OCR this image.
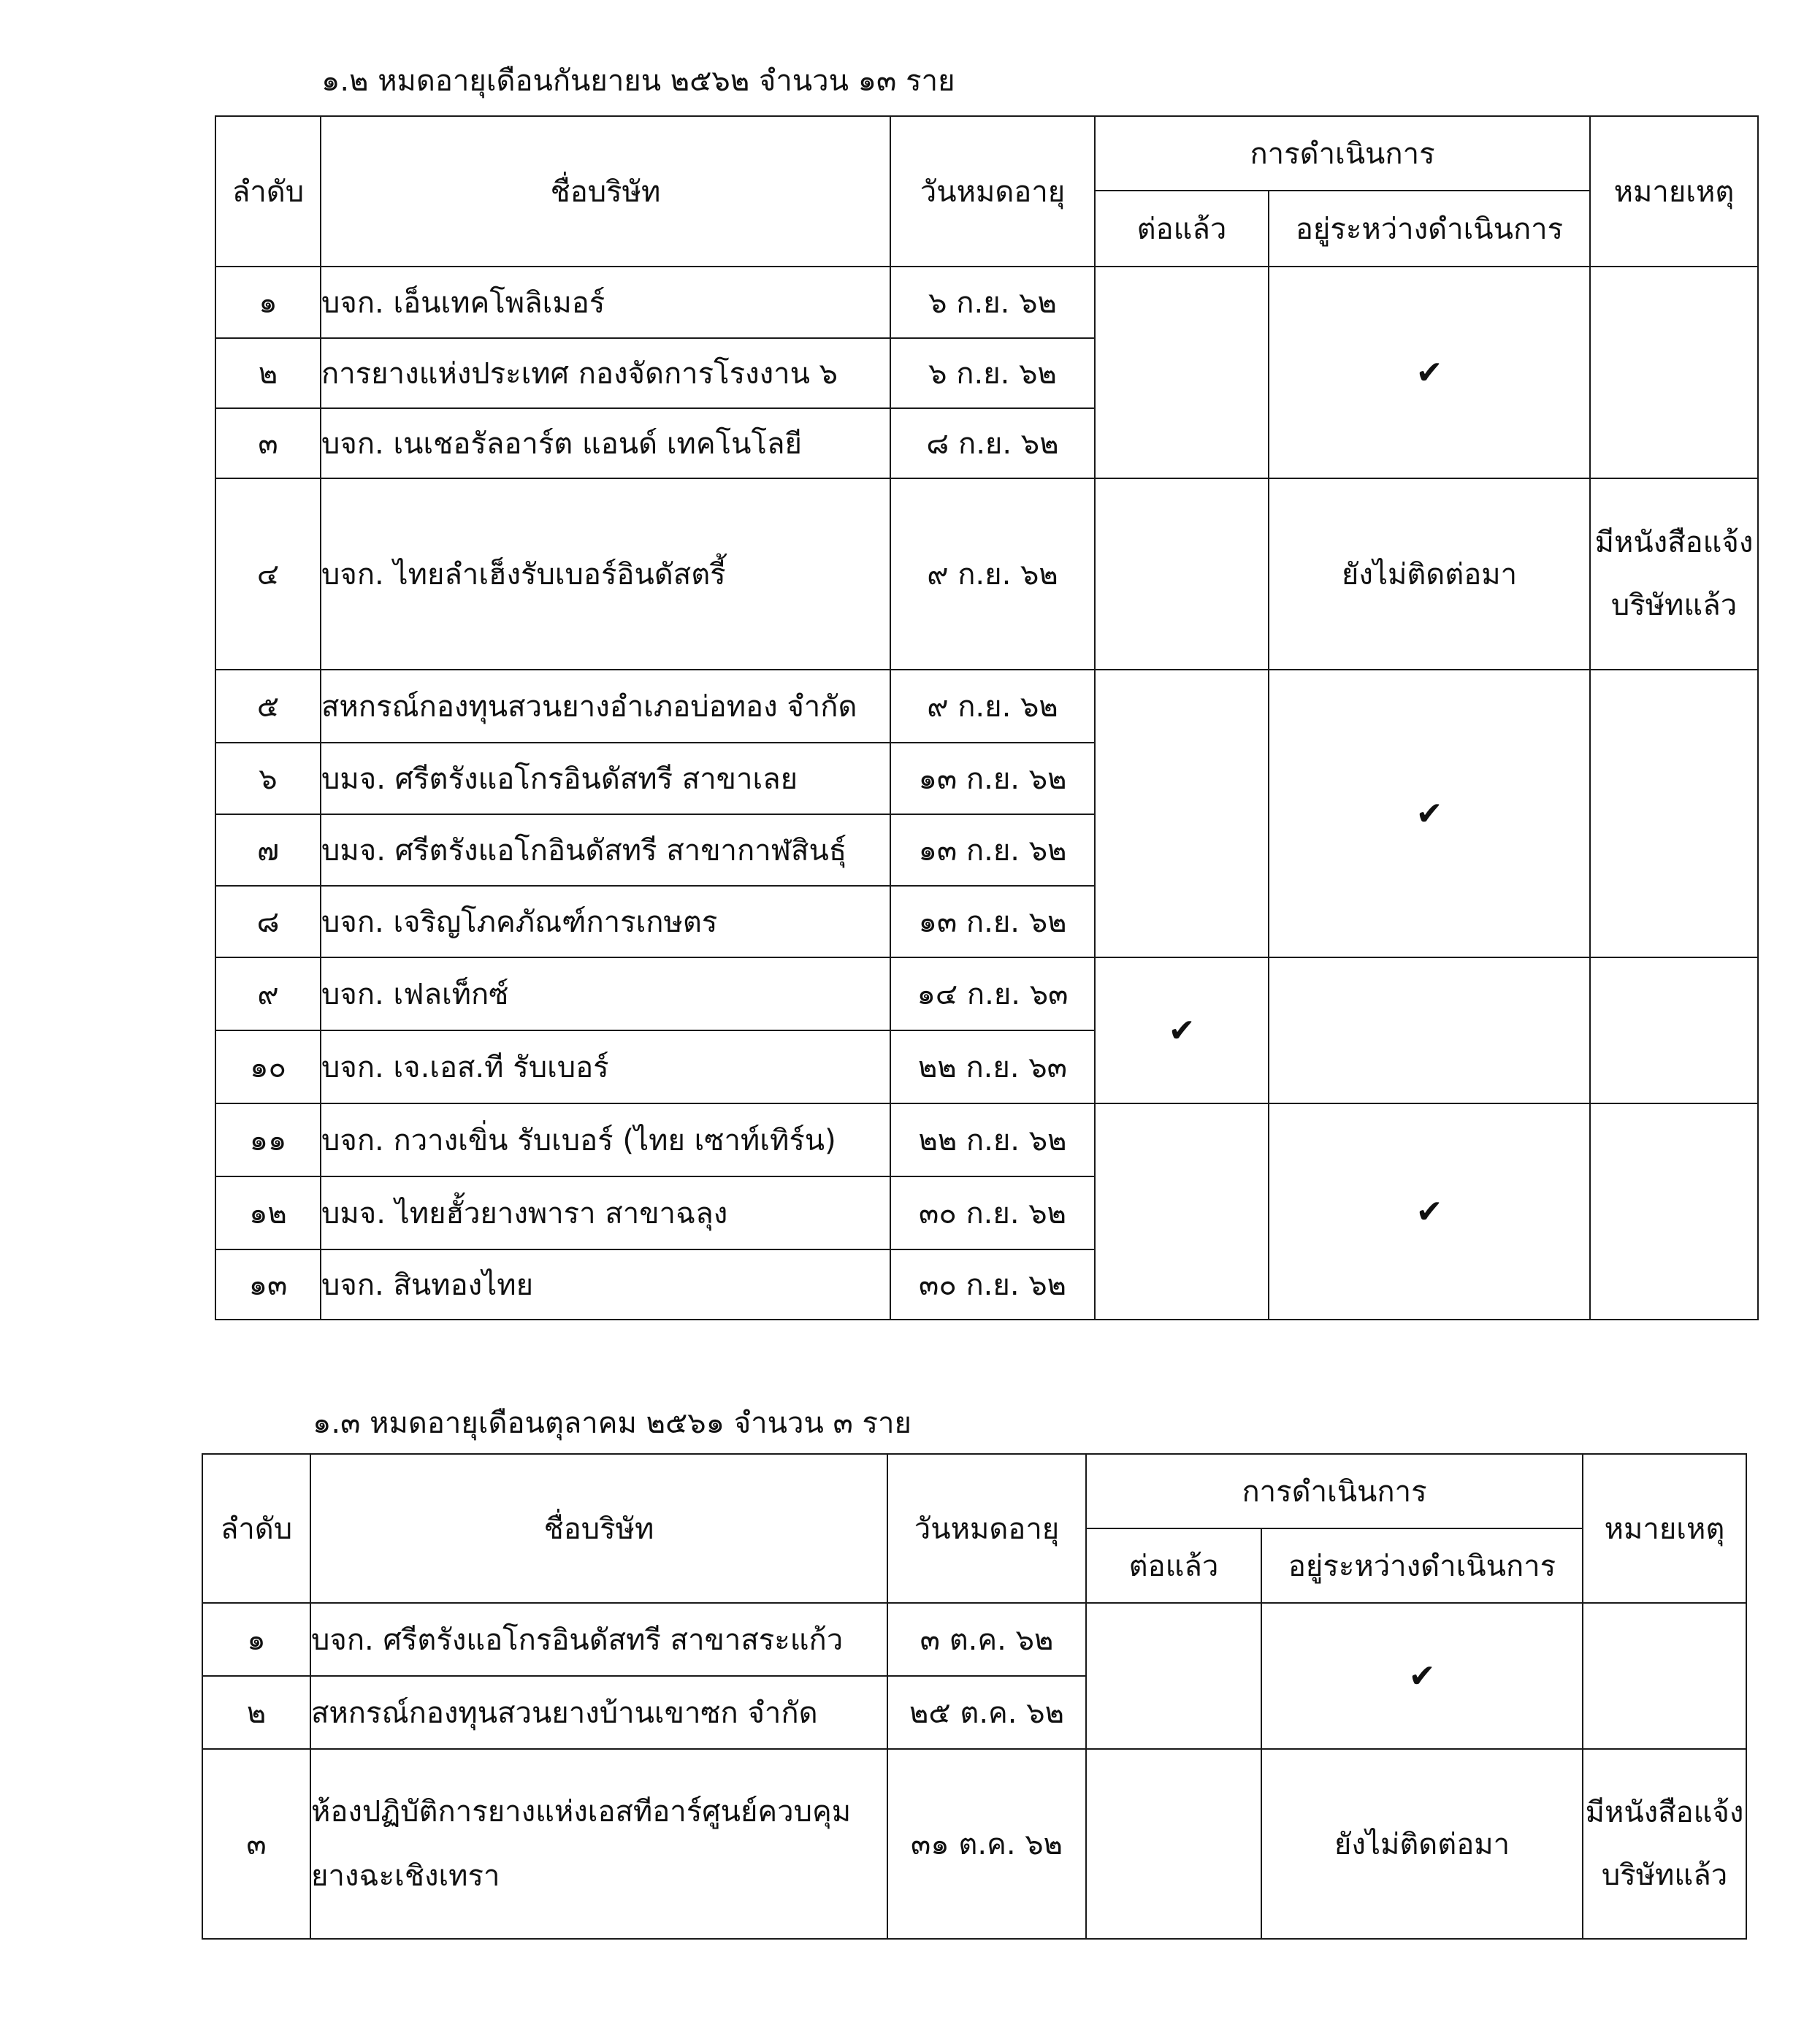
๑.๒ หมดอายุเดือนกันยายน ๒๕๖๒ จำนวน ๑๓ ราย
ลำดับ	ชื่อบริษัท	วันหมดอายุ	การดำเนินการ		หมายเหตุ
			ต่อแล้ว	อยู่ระหว่างดำเนินการ	
๑	บจก. เอ็นเทคโพลิเมอร์	๖ ก.ย. ๖๒		✔	
๒	การยางแห่งประเทศ กองจัดการโรงงาน ๖	๖ ก.ย. ๖๒			
๓	บจก. เนเชอรัลอาร์ต แอนด์ เทคโนโลยี	๘ ก.ย. ๖๒			
๔	บจก. ไทยลำเฮ็งรับเบอร์อินดัสตรี้	๙ ก.ย. ๖๒		ยังไม่ติดต่อมา	มีหนังสือแจ้งบริษัทแล้ว
๕	สหกรณ์กองทุนสวนยางอำเภอบ่อทอง จำกัด	๙ ก.ย. ๖๒		✔	
๖	บมจ. ศรีตรังแอโกรอินดัสทรี สาขาเลย	๑๓ ก.ย. ๖๒			
๗	บมจ. ศรีตรังแอโกอินดัสทรี สาขากาฬสินธุ์	๑๓ ก.ย. ๖๒			
๘	บจก. เจริญโภคภัณฑ์การเกษตร	๑๓ ก.ย. ๖๒			
๙	บจก. เฟลเท็กซ์	๑๔ ก.ย. ๖๓	✔		
๑๐	บจก. เจ.เอส.ที รับเบอร์	๒๒ ก.ย. ๖๓			
๑๑	บจก. กวางเขิ่น รับเบอร์ (ไทย เซาท์เทิร์น)	๒๒ ก.ย. ๖๒		✔	
๑๒	บมจ. ไทยฮั้วยางพารา สาขาฉลุง	๓๐ ก.ย. ๖๒			
๑๓	บจก. สินทองไทย	๓๐ ก.ย. ๖๒			
๑.๓ หมดอายุเดือนตุลาคม ๒๕๖๑ จำนวน ๓ ราย
ลำดับ	ชื่อบริษัท	วันหมดอายุ	การดำเนินการ		หมายเหตุ
			ต่อแล้ว	อยู่ระหว่างดำเนินการ	
๑	บจก. ศรีตรังแอโกรอินดัสทรี สาขาสระแก้ว	๓ ต.ค. ๖๒		✔	
๒	สหกรณ์กองทุนสวนยางบ้านเขาซก จำกัด	๒๕ ต.ค. ๖๒			
๓	ห้องปฏิบัติการยางแห่งเอสทีอาร์ศูนย์ควบคุมยางฉะเชิงเทรา	๓๑ ต.ค. ๖๒		ยังไม่ติดต่อมา	มีหนังสือแจ้งบริษัทแล้ว
